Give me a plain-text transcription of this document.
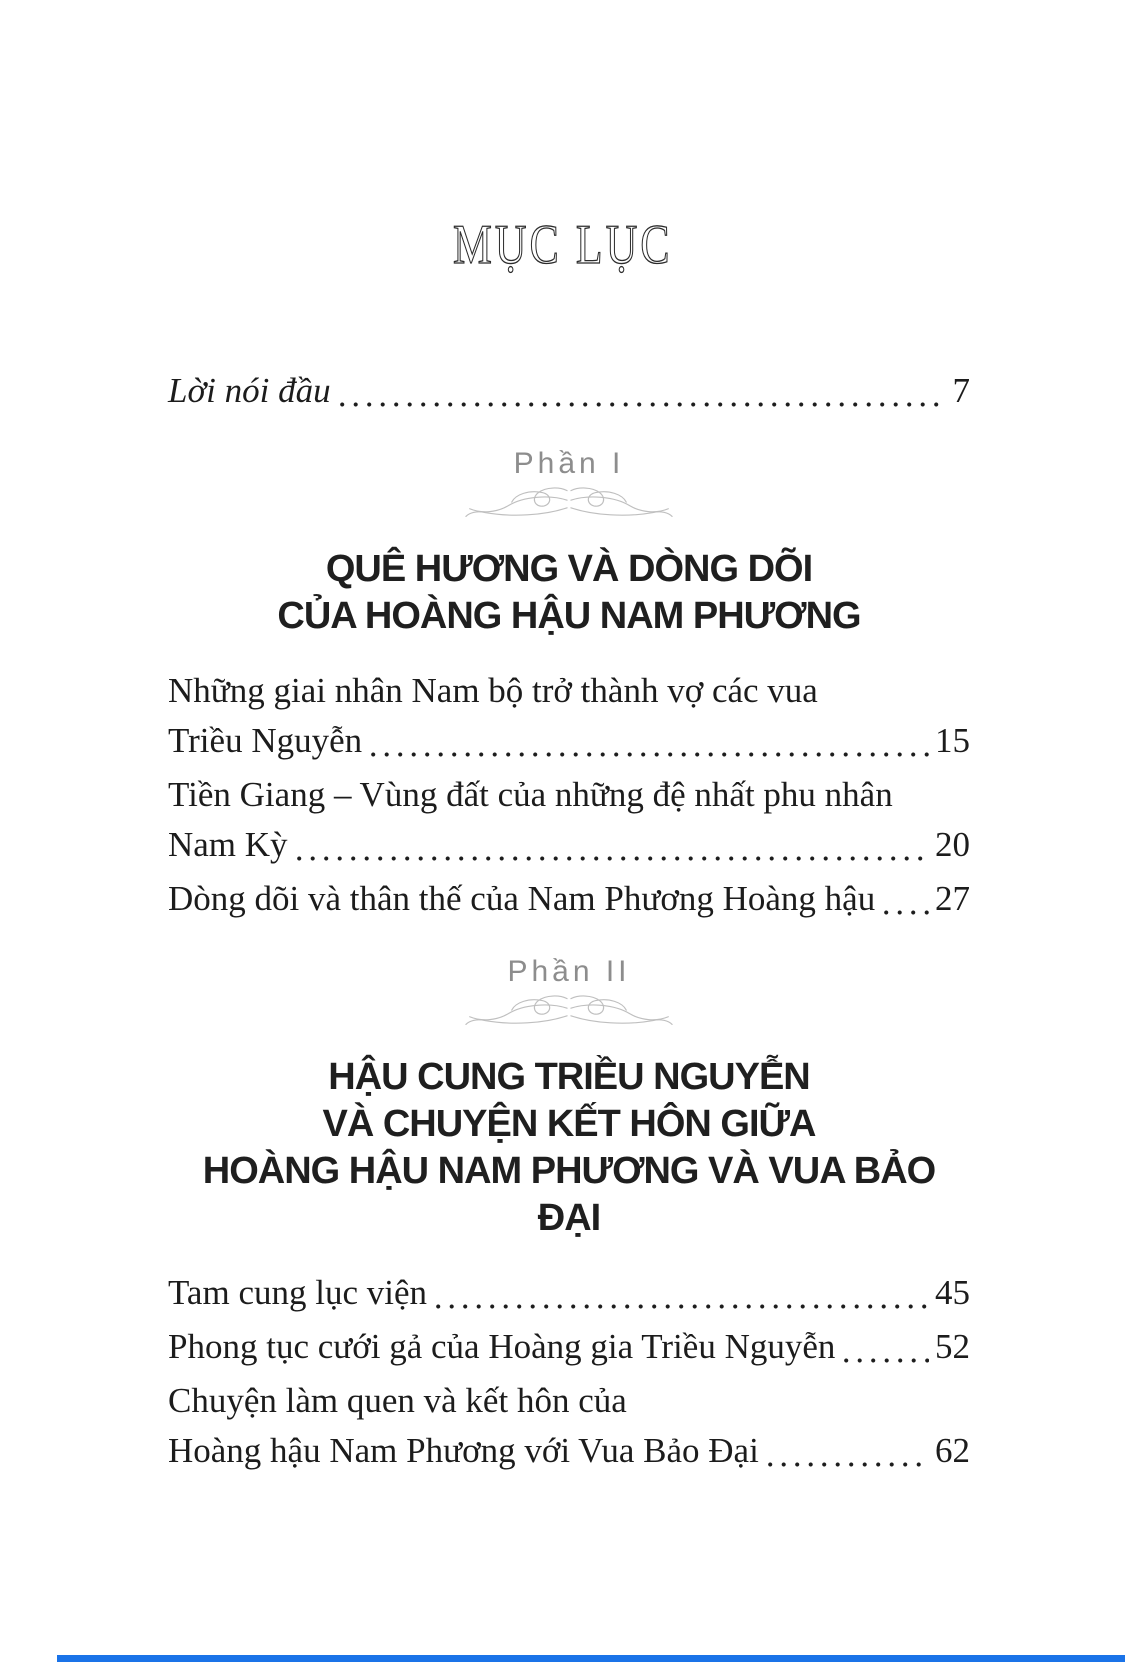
MỤC LỤC
Lời nói đầu	7
Phần I
QUÊ HƯƠNG VÀ DÒNG DÕI
CỦA HOÀNG HẬU NAM PHƯƠNG
Những giai nhân Nam bộ trở thành vợ các vua
Triều Nguyễn	15
Tiền Giang – Vùng đất của những đệ nhất phu nhân
Nam Kỳ	20
Dòng dõi và thân thế của Nam Phương Hoàng hậu 27
Phần II
HẬU CUNG TRIỀU NGUYỄN
VÀ CHUYỆN KẾT HÔN GIỮA
HOÀNG HẬU NAM PHƯƠNG VÀ VUA BẢO ĐẠI
Tam cung lục viện	45
Phong tục cưới gả của Hoàng gia Triều Nguyễn	52
Chuyện làm quen và kết hôn của
Hoàng hậu Nam Phương với Vua Bảo Đại	62
